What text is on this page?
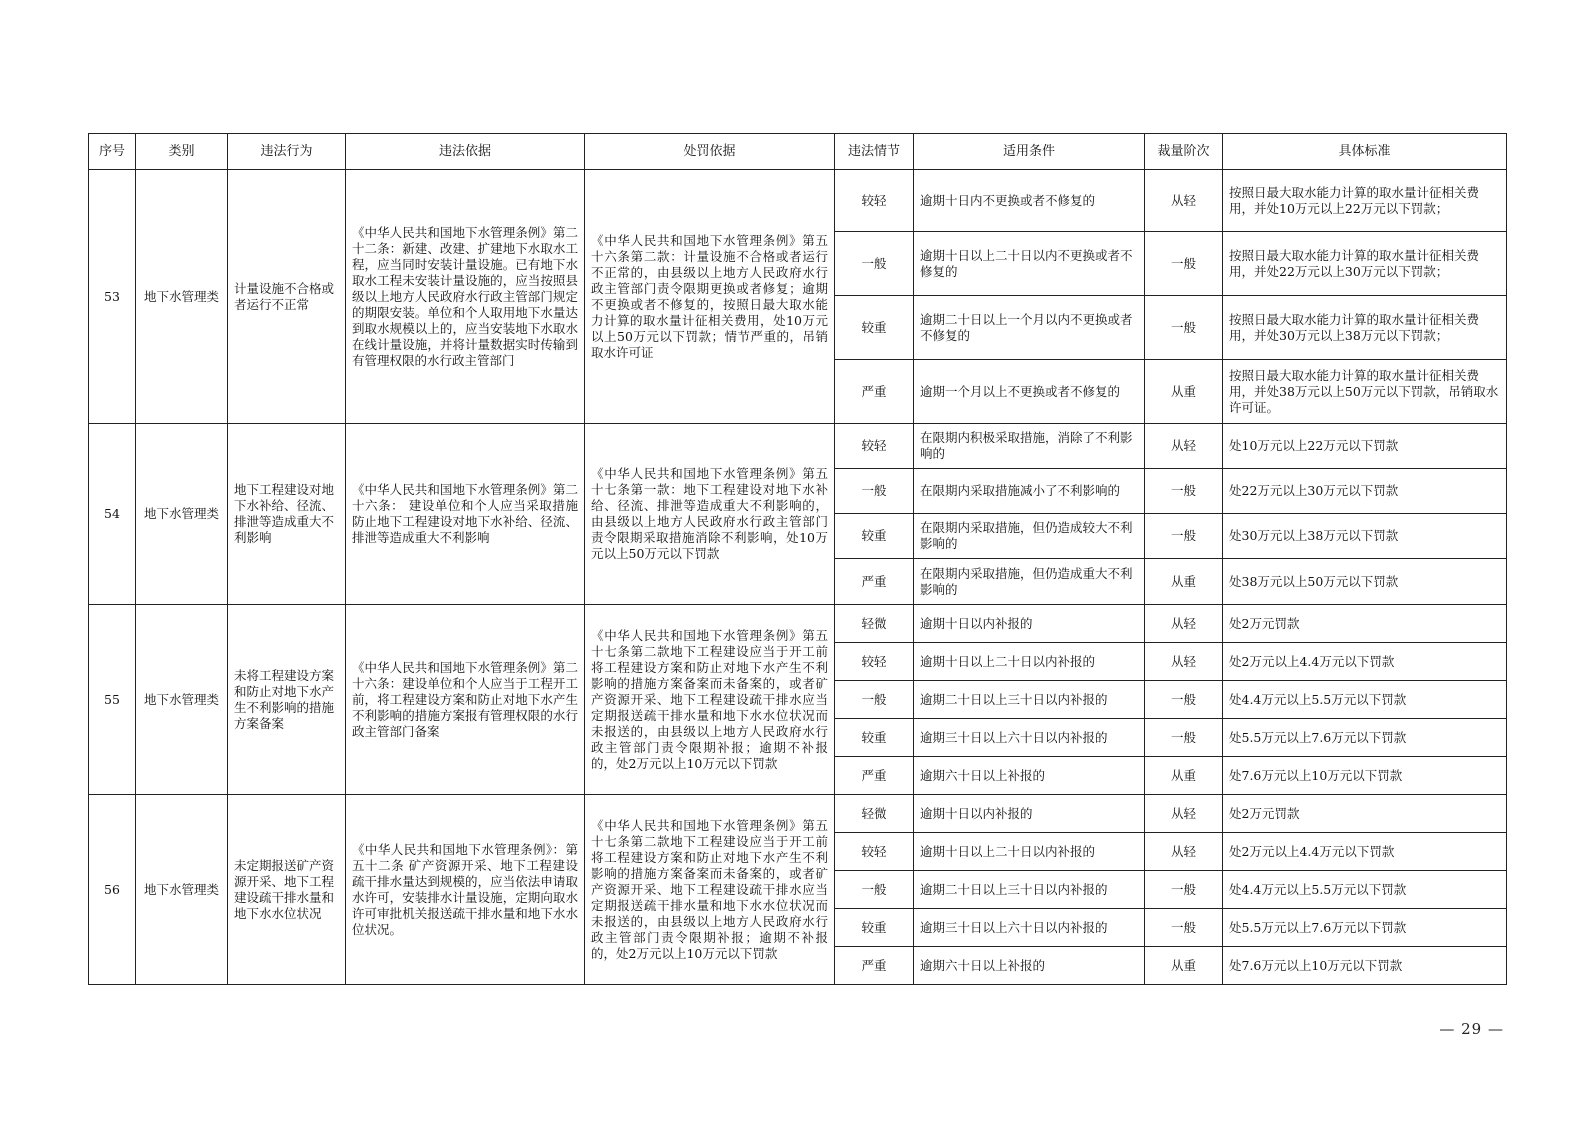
序号	类别	违法行为	违法依据	处罚依据	违法情节	适用条件	裁量阶次	具体标准
53	地下水管理类	计量设施不合格或者运行不正常	《中华人民共和国地下水管理条例》第二十二条：新建、改建、扩建地下水取水工程，应当同时安装计量设施。已有地下水取水工程未安装计量设施的，应当按照县级以上地方人民政府水行政主管部门规定的期限安装。单位和个人取用地下水量达到取水规模以上的，应当安装地下水取水在线计量设施，并将计量数据实时传输到有管理权限的水行政主管部门	《中华人民共和国地下水管理条例》第五十六条第二款：计量设施不合格或者运行不正常的，由县级以上地方人民政府水行政主管部门责令限期更换或者修复；逾期不更换或者不修复的，按照日最大取水能力计算的取水量计征相关费用，处10万元以上50万元以下罚款；情节严重的，吊销取水许可证	较轻	逾期十日内不更换或者不修复的	从轻	按照日最大取水能力计算的取水量计征相关费用，并处10万元以上22万元以下罚款；
					一般	逾期十日以上二十日以内不更换或者不修复的	一般	按照日最大取水能力计算的取水量计征相关费用，并处22万元以上30万元以下罚款；
					较重	逾期二十日以上一个月以内不更换或者不修复的	一般	按照日最大取水能力计算的取水量计征相关费用，并处30万元以上38万元以下罚款；
					严重	逾期一个月以上不更换或者不修复的	从重	按照日最大取水能力计算的取水量计征相关费用，并处38万元以上50万元以下罚款，吊销取水许可证。
54	地下水管理类	地下工程建设对地下水补给、径流、排泄等造成重大不利影响	《中华人民共和国地下水管理条例》第二十六条： 建设单位和个人应当采取措施防止地下工程建设对地下水补给、径流、排泄等造成重大不利影响	《中华人民共和国地下水管理条例》第五十七条第一款：地下工程建设对地下水补给、径流、排泄等造成重大不利影响的，由县级以上地方人民政府水行政主管部门责令限期采取措施消除不利影响，处10万元以上50万元以下罚款	较轻	在限期内积极采取措施，消除了不利影响的	从轻	处10万元以上22万元以下罚款
					一般	在限期内采取措施减小了不利影响的	一般	处22万元以上30万元以下罚款
					较重	在限期内采取措施，但仍造成较大不利影响的	一般	处30万元以上38万元以下罚款
					严重	在限期内采取措施，但仍造成重大不利影响的	从重	处38万元以上50万元以下罚款
55	地下水管理类	未将工程建设方案和防止对地下水产生不利影响的措施方案备案	《中华人民共和国地下水管理条例》第二十六条：建设单位和个人应当于工程开工前，将工程建设方案和防止对地下水产生不利影响的措施方案报有管理权限的水行政主管部门备案	《中华人民共和国地下水管理条例》第五十七条第二款地下工程建设应当于开工前将工程建设方案和防止对地下水产生不利影响的措施方案备案而未备案的，或者矿产资源开采、地下工程建设疏干排水应当定期报送疏干排水量和地下水水位状况而未报送的，由县级以上地方人民政府水行政主管部门责令限期补报；逾期不补报的，处2万元以上10万元以下罚款	轻微	逾期十日以内补报的	从轻	处2万元罚款
					较轻	逾期十日以上二十日以内补报的	从轻	处2万元以上4.4万元以下罚款
					一般	逾期二十日以上三十日以内补报的	一般	处4.4万元以上5.5万元以下罚款
					较重	逾期三十日以上六十日以内补报的	一般	处5.5万元以上7.6万元以下罚款
					严重	逾期六十日以上补报的	从重	处7.6万元以上10万元以下罚款
56	地下水管理类	未定期报送矿产资源开采、地下工程建设疏干排水量和地下水水位状况	《中华人民共和国地下水管理条例》：第五十二条 矿产资源开采、地下工程建设疏干排水量达到规模的，应当依法申请取水许可，安装排水计量设施，定期向取水许可审批机关报送疏干排水量和地下水水位状况。	《中华人民共和国地下水管理条例》第五十七条第二款地下工程建设应当于开工前将工程建设方案和防止对地下水产生不利影响的措施方案备案而未备案的，或者矿产资源开采、地下工程建设疏干排水应当定期报送疏干排水量和地下水水位状况而未报送的，由县级以上地方人民政府水行政主管部门责令限期补报；逾期不补报的，处2万元以上10万元以下罚款	轻微	逾期十日以内补报的	从轻	处2万元罚款
					较轻	逾期十日以上二十日以内补报的	从轻	处2万元以上4.4万元以下罚款
					一般	逾期二十日以上三十日以内补报的	一般	处4.4万元以上5.5万元以下罚款
					较重	逾期三十日以上六十日以内补报的	一般	处5.5万元以上7.6万元以下罚款
					严重	逾期六十日以上补报的	从重	处7.6万元以上10万元以下罚款
— 29 —
